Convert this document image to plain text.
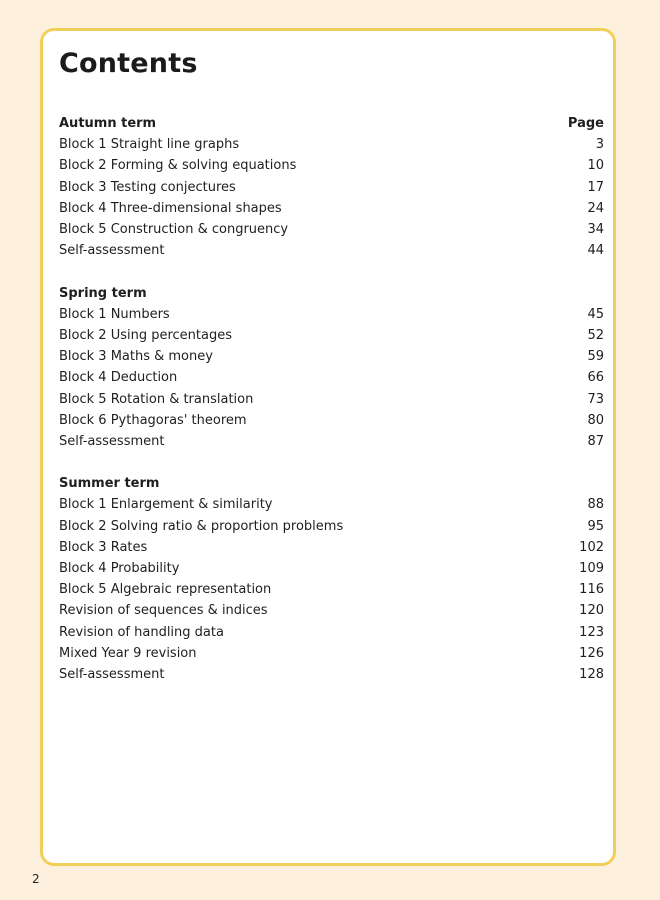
Contents
Autumn term	Page
Block 1 Straight line graphs	3
Block 2 Forming & solving equations	10
Block 3 Testing conjectures	17
Block 4 Three-dimensional shapes	24
Block 5 Construction & congruency	34
Self-assessment	44
Spring term
Block 1 Numbers	45
Block 2 Using percentages	52
Block 3 Maths & money	59
Block 4 Deduction	66
Block 5 Rotation & translation	73
Block 6 Pythagoras' theorem	80
Self-assessment	87
Summer term
Block 1 Enlargement & similarity	88
Block 2 Solving ratio & proportion problems	95
Block 3 Rates	102
Block 4 Probability	109
Block 5 Algebraic representation	116
Revision of sequences & indices	120
Revision of handling data	123
Mixed Year 9 revision	126
Self-assessment	128
2
